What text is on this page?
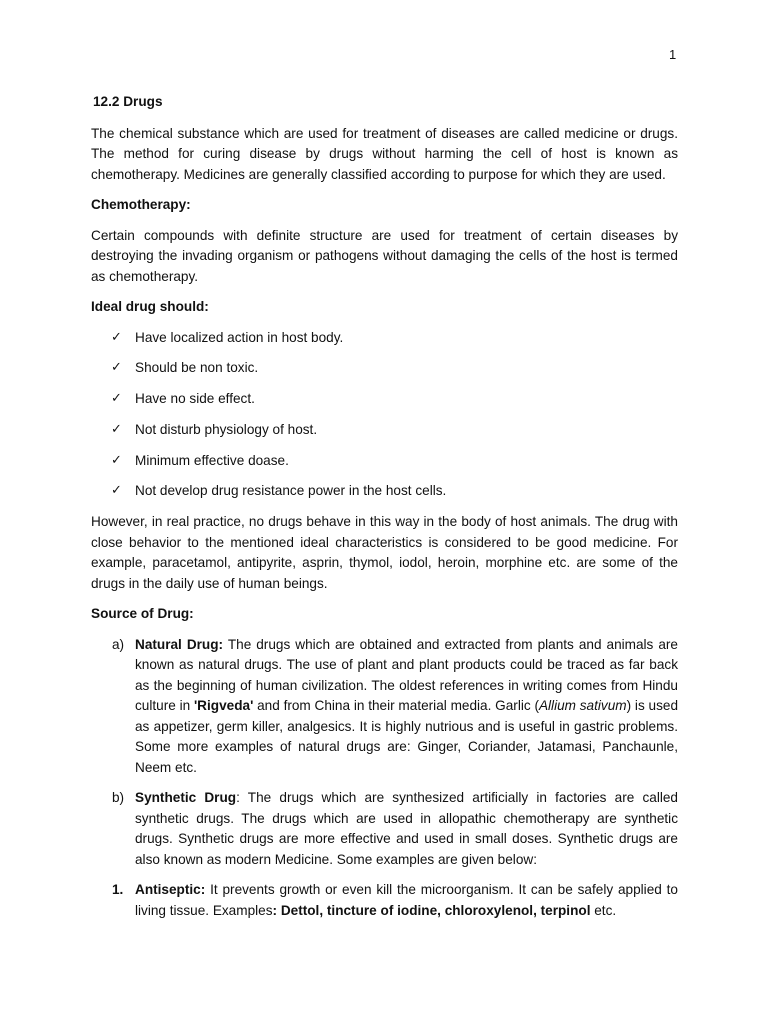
1

12.2 Drugs

The chemical substance which are used for treatment of diseases are called medicine or drugs. The method for curing disease by drugs without harming the cell of host is known as chemotherapy. Medicines are generally classified according to purpose for which they are used.

Chemotherapy:

Certain compounds with definite structure are used for treatment of certain diseases by destroying the invading organism or pathogens without damaging the cells of the host is termed as chemotherapy.

Ideal drug should:

✓ Have localized action in host body.
✓ Should be non toxic.
✓ Have no side effect.
✓ Not disturb physiology of host.
✓ Minimum effective doase.
✓ Not develop drug resistance power in the host cells.

However, in real practice, no drugs behave in this way in the body of host animals. The drug with close behavior to the mentioned ideal characteristics is considered to be good medicine. For example, paracetamol, antipyrite, asprin, thymol, iodol, heroin, morphine etc. are some of the drugs in the daily use of human beings.

Source of Drug:

a) Natural Drug: The drugs which are obtained and extracted from plants and animals are known as natural drugs. The use of plant and plant products could be traced as far back as the beginning of human civilization. The oldest references in writing comes from Hindu culture in 'Rigveda' and from China in their material media. Garlic (Allium sativum) is used as appetizer, germ killer, analgesics. It is highly nutrious and is useful in gastric problems. Some more examples of natural drugs are: Ginger, Coriander, Jatamasi, Panchaunle, Neem etc.

b) Synthetic Drug: The drugs which are synthesized artificially in factories are called synthetic drugs. The drugs which are used in allopathic chemotherapy are synthetic drugs. Synthetic drugs are more effective and used in small doses. Synthetic drugs are also known as modern Medicine. Some examples are given below:

1. Antiseptic: It prevents growth or even kill the microorganism. It can be safely applied to living tissue. Examples: Dettol, tincture of iodine, chloroxylenol, terpinol etc.
